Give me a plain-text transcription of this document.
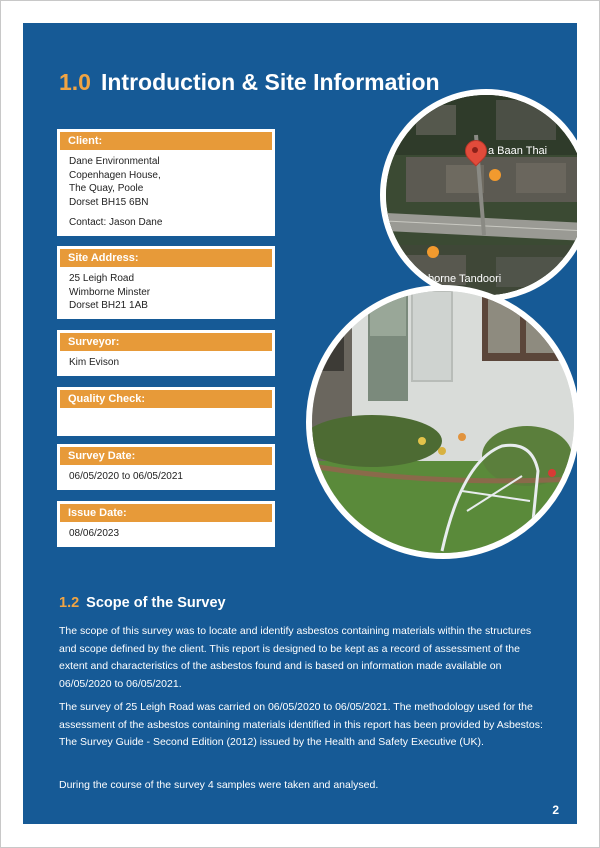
1.0 Introduction & Site Information
Client:
Dane Environmental
Copenhagen House,
The Quay, Poole
Dorset BH15 6BN
Contact: Jason Dane
Site Address:
25 Leigh Road
Wimborne Minster
Dorset BH21 1AB
Surveyor:
Kim Evison
Quality Check:
Survey Date:
06/05/2020 to 06/05/2021
Issue Date:
08/06/2023
a Baan Thai
Wimborne Tandoori
1.2 Scope of the Survey

The scope of this survey was to locate and identify asbestos containing materials within the structures and scope defined by the client. This report is designed to be kept as a record of assessment of the extent and characteristics of the asbestos found and is based on information made available on 06/05/2020 to 06/05/2021.

The survey of 25 Leigh Road was carried on 06/05/2020 to 06/05/2021. The methodology used for the assessment of the asbestos containing materials identified in this report has been provided by Asbestos: The Survey Guide - Second Edition (2012) issued by the Health and Safety Executive (UK).

During the course of the survey 4 samples were taken and analysed.

2
